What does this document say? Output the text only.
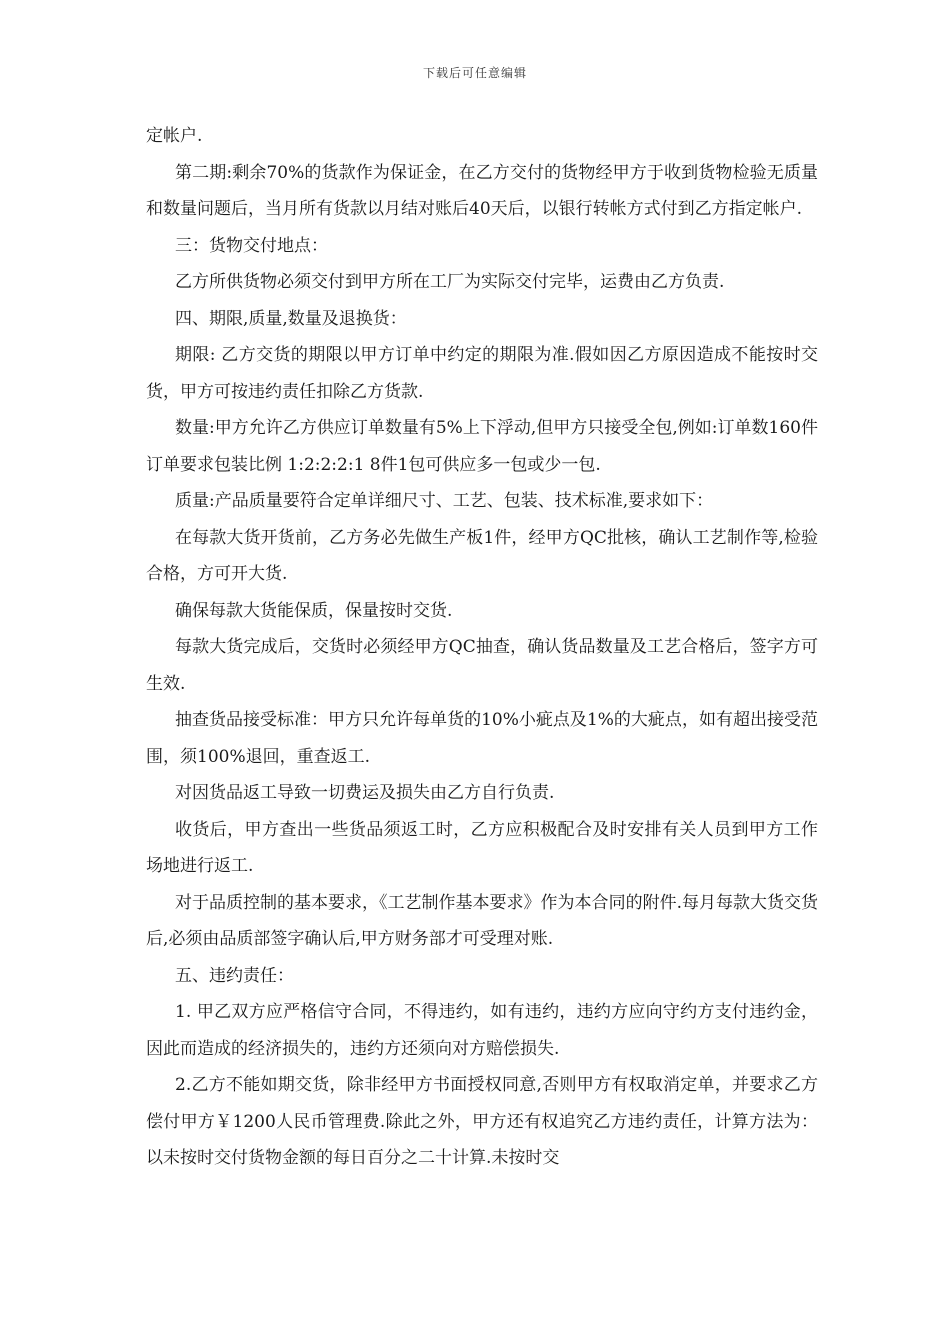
下载后可任意编辑

定帐户.

第二期:剩余70%的货款作为保证金，在乙方交付的货物经甲方于收到货物检验无质量和数量问题后，当月所有货款以月结对账后40天后，以银行转帐方式付到乙方指定帐户.

三：货物交付地点：

乙方所供货物必须交付到甲方所在工厂为实际交付完毕，运费由乙方负责.

四、期限,质量,数量及退换货：

期限: 乙方交货的期限以甲方订单中约定的期限为准.假如因乙方原因造成不能按时交货，甲方可按违约责任扣除乙方货款.

数量:甲方允许乙方供应订单数量有5%上下浮动,但甲方只接受全包,例如:订单数160件订单要求包装比例 1:2:2:2:1 8件1包可供应多一包或少一包.

质量:产品质量要符合定单详细尺寸、工艺、包装、技术标准,要求如下：

在每款大货开货前，乙方务必先做生产板1件，经甲方QC批核，确认工艺制作等,检验 合格，方可开大货.

确保每款大货能保质，保量按时交货.

每款大货完成后，交货时必须经甲方QC抽查，确认货品数量及工艺合格后，签字方可生效.

抽查货品接受标准：甲方只允许每单货的10%小疵点及1%的大疵点，如有超出接受范围，须100%退回，重查返工.

对因货品返工导致一切费运及损失由乙方自行负责.

收货后，甲方查出一些货品须返工时，乙方应积极配合及时安排有关人员到甲方工作场地进行返工.

对于品质控制的基本要求，《工艺制作基本要求》作为本合同的附件.每月每款大货交货后,必须由品质部签字确认后,甲方财务部才可受理对账.

五、违约责任：

1. 甲乙双方应严格信守合同，不得违约，如有违约，违约方应向守约方支付违约金，因此而造成的经济损失的，违约方还须向对方赔偿损失.

2.乙方不能如期交货，除非经甲方书面授权同意,否则甲方有权取消定单，并要求乙方偿付甲方￥1200人民币管理费.除此之外，甲方还有权追究乙方违约责任，计算方法为：以未按时交付货物金额的每日百分之二十计算.未按时交
